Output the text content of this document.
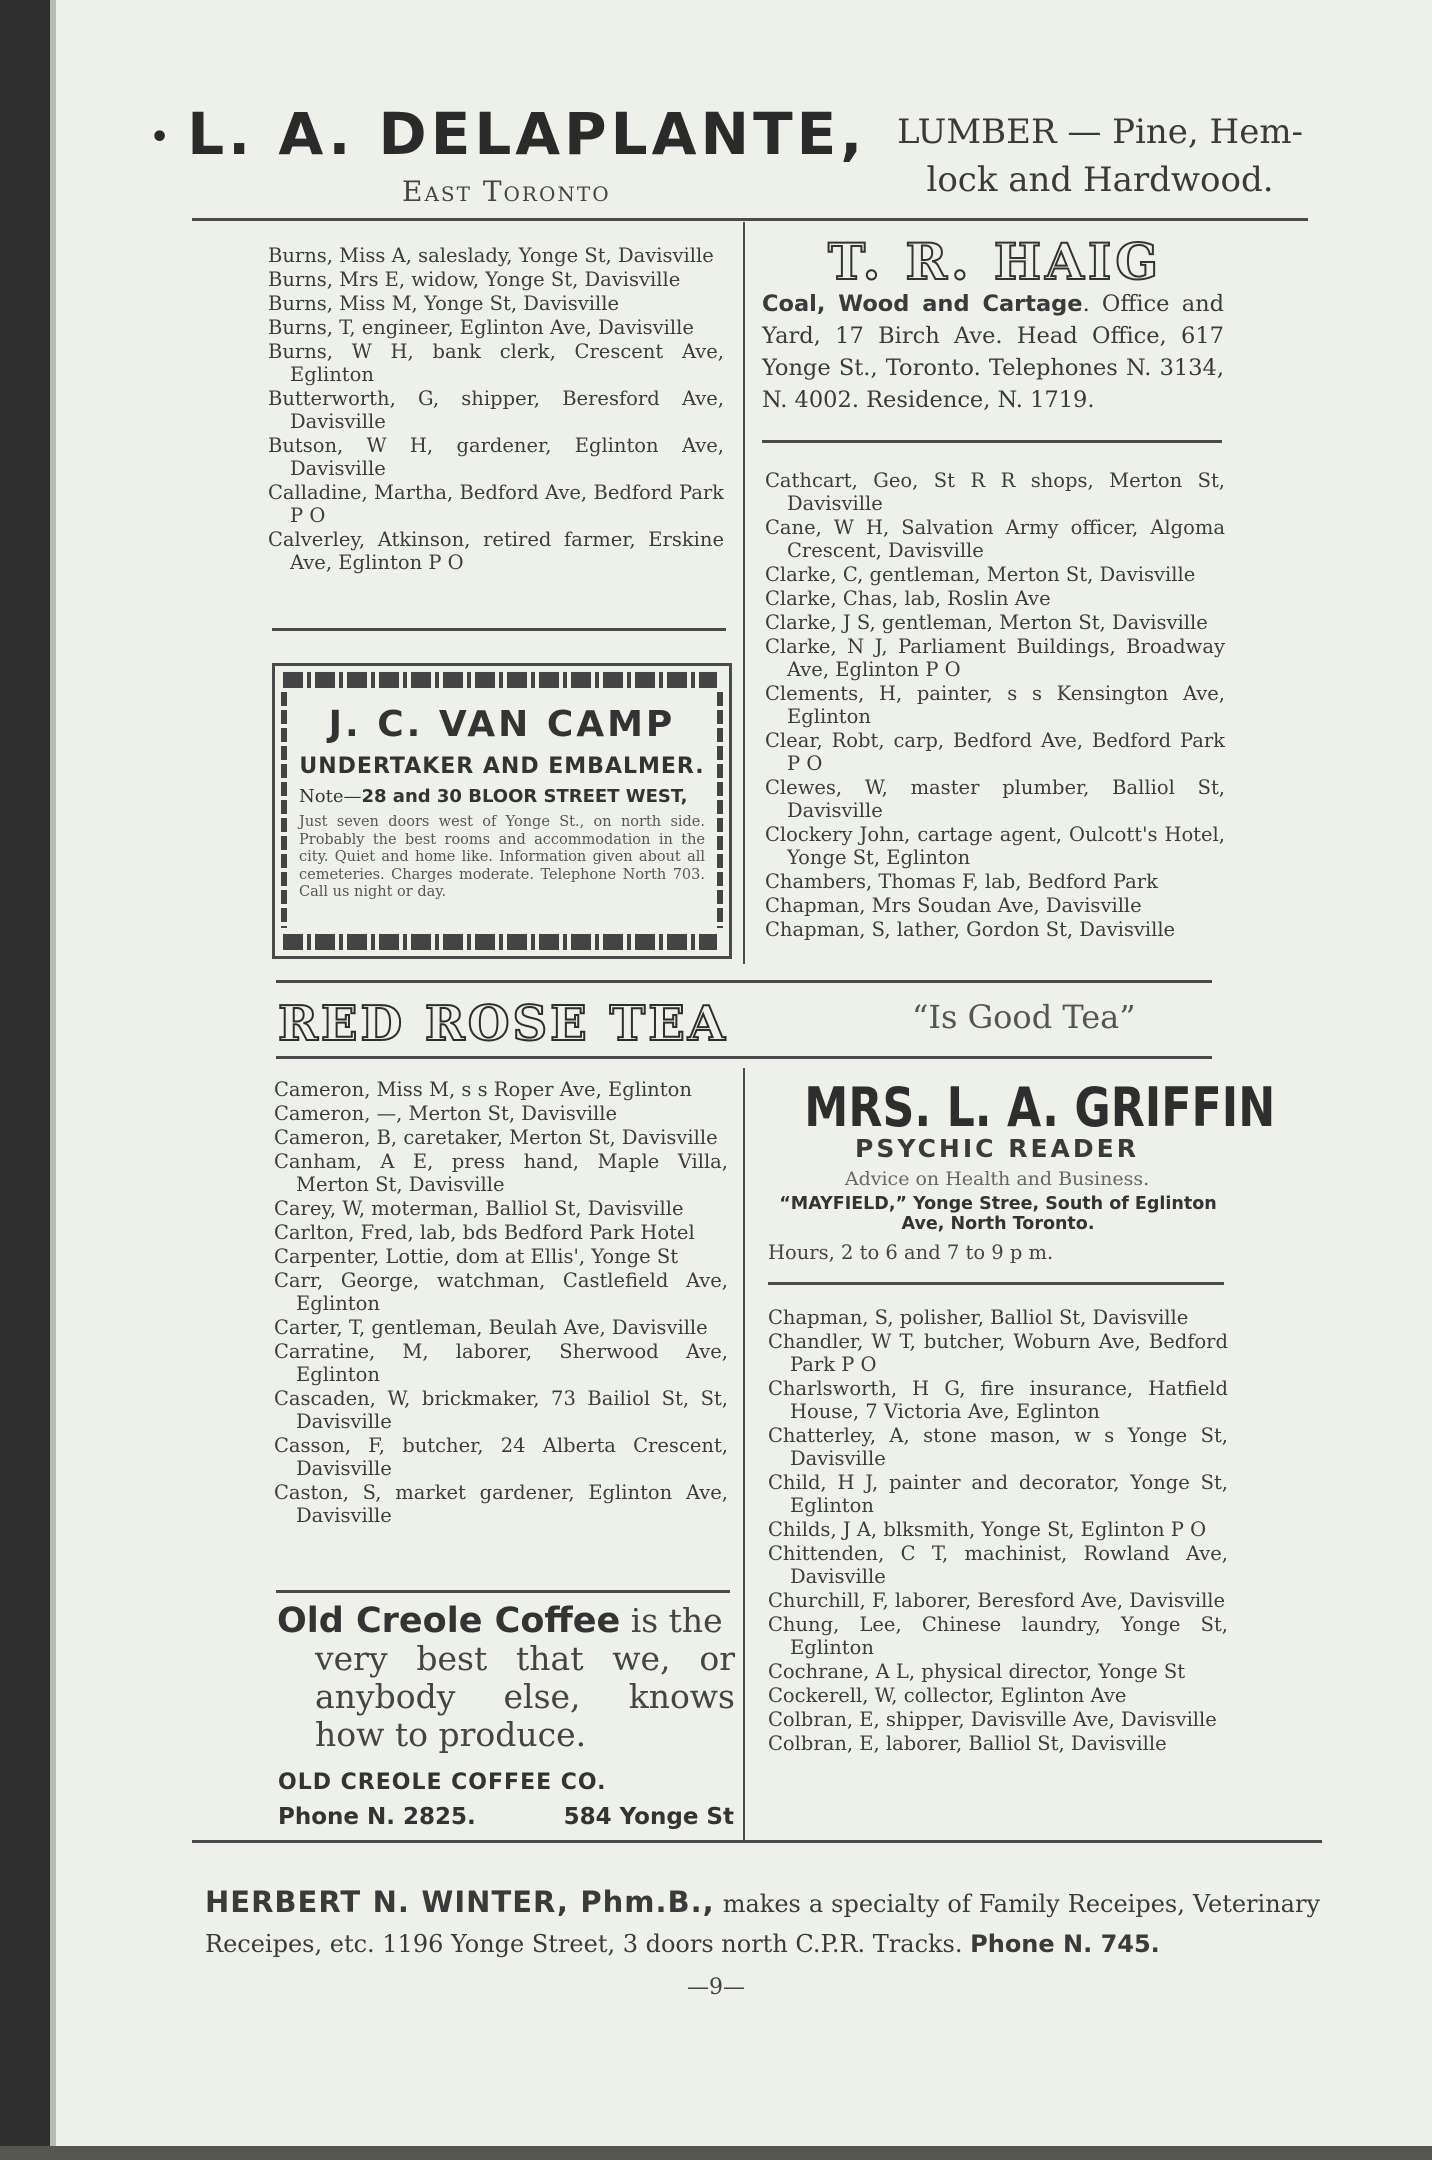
• L. A. DELAPLANTE,
East Toronto
LUMBER — Pine, Hem-
lock and Hardwood.
Burns, Miss A, saleslady, Yonge St, Davisville
Burns, Mrs E, widow, Yonge St, Davisville
Burns, Miss M, Yonge St, Davisville
Burns, T, engineer, Eglinton Ave, Davisville
Burns, W H, bank clerk, Crescent Ave, Eglinton
Butterworth, G, shipper, Beresford Ave, Davisville
Butson, W H, gardener, Eglinton Ave, Davisville
Calladine, Martha, Bedford Ave, Bedford Park P O
Calverley, Atkinson, retired farmer, Erskine Ave, Eglinton P O
J. C. VAN CAMP
UNDERTAKER AND EMBALMER.
Note—28 and 30 BLOOR STREET WEST,
Just seven doors west of Yonge St., on north side. Probably the best rooms and accommodation in the city. Quiet and home like. Information given about all cemeteries. Charges moderate. Telephone North 703. Call us night or day.
T. R. HAIG
Coal, Wood and Cartage. Office and Yard, 17 Birch Ave. Head Office, 617 Yonge St., Toronto. Telephones N. 3134, N. 4002. Residence, N. 1719.
Cathcart, Geo, St R R shops, Merton St, Davisville
Cane, W H, Salvation Army officer, Algoma Crescent, Davisville
Clarke, C, gentleman, Merton St, Davisville
Clarke, Chas, lab, Roslin Ave
Clarke, J S, gentleman, Merton St, Davisville
Clarke, N J, Parliament Buildings, Broadway Ave, Eglinton P O
Clements, H, painter, s s Kensington Ave, Eglinton
Clear, Robt, carp, Bedford Ave, Bedford Park P O
Clewes, W, master plumber, Balliol St, Davisville
Clockery John, cartage agent, Oulcott's Hotel, Yonge St, Eglinton
Chambers, Thomas F, lab, Bedford Park
Chapman, Mrs Soudan Ave, Davisville
Chapman, S, lather, Gordon St, Davisville
RED ROSE TEA	“Is Good Tea”
Cameron, Miss M, s s Roper Ave, Eglinton
Cameron, —, Merton St, Davisville
Cameron, B, caretaker, Merton St, Davisville
Canham, A E, press hand, Maple Villa, Merton St, Davisville
Carey, W, moterman, Balliol St, Davisville
Carlton, Fred, lab, bds Bedford Park Hotel
Carpenter, Lottie, dom at Ellis', Yonge St
Carr, George, watchman, Castlefield Ave, Eglinton
Carter, T, gentleman, Beulah Ave, Davisville
Carratine, M, laborer, Sherwood Ave, Eglinton
Cascaden, W, brickmaker, 73 Bailiol St, St, Davisville
Casson, F, butcher, 24 Alberta Crescent, Davisville
Caston, S, market gardener, Eglinton Ave, Davisville
Old Creole Coffee is the
very best that we, or anybody else, knows how to produce.
OLD CREOLE COFFEE CO.
Phone N. 2825.	584 Yonge St
MRS. L. A. GRIFFIN
PSYCHIC READER
Advice on Health and Business.
“MAYFIELD,” Yonge Stree, South of Eglinton Ave, North Toronto.
Hours, 2 to 6 and 7 to 9 p m.
Chapman, S, polisher, Balliol St, Davisville
Chandler, W T, butcher, Woburn Ave, Bedford Park P O
Charlsworth, H G, fire insurance, Hatfield House, 7 Victoria Ave, Eglinton
Chatterley, A, stone mason, w s Yonge St, Davisville
Child, H J, painter and decorator, Yonge St, Eglinton
Childs, J A, blksmith, Yonge St, Eglinton P O
Chittenden, C T, machinist, Rowland Ave, Davisville
Churchill, F, laborer, Beresford Ave, Davisville
Chung, Lee, Chinese laundry, Yonge St, Eglinton
Cochrane, A L, physical director, Yonge St
Cockerell, W, collector, Eglinton Ave
Colbran, E, shipper, Davisville Ave, Davisville
Colbran, E, laborer, Balliol St, Davisville
HERBERT N. WINTER, Phm.B., makes a specialty of Family Receipes, Veterinary Receipes, etc. 1196 Yonge Street, 3 doors north C.P.R. Tracks. Phone N. 745.
—9—
